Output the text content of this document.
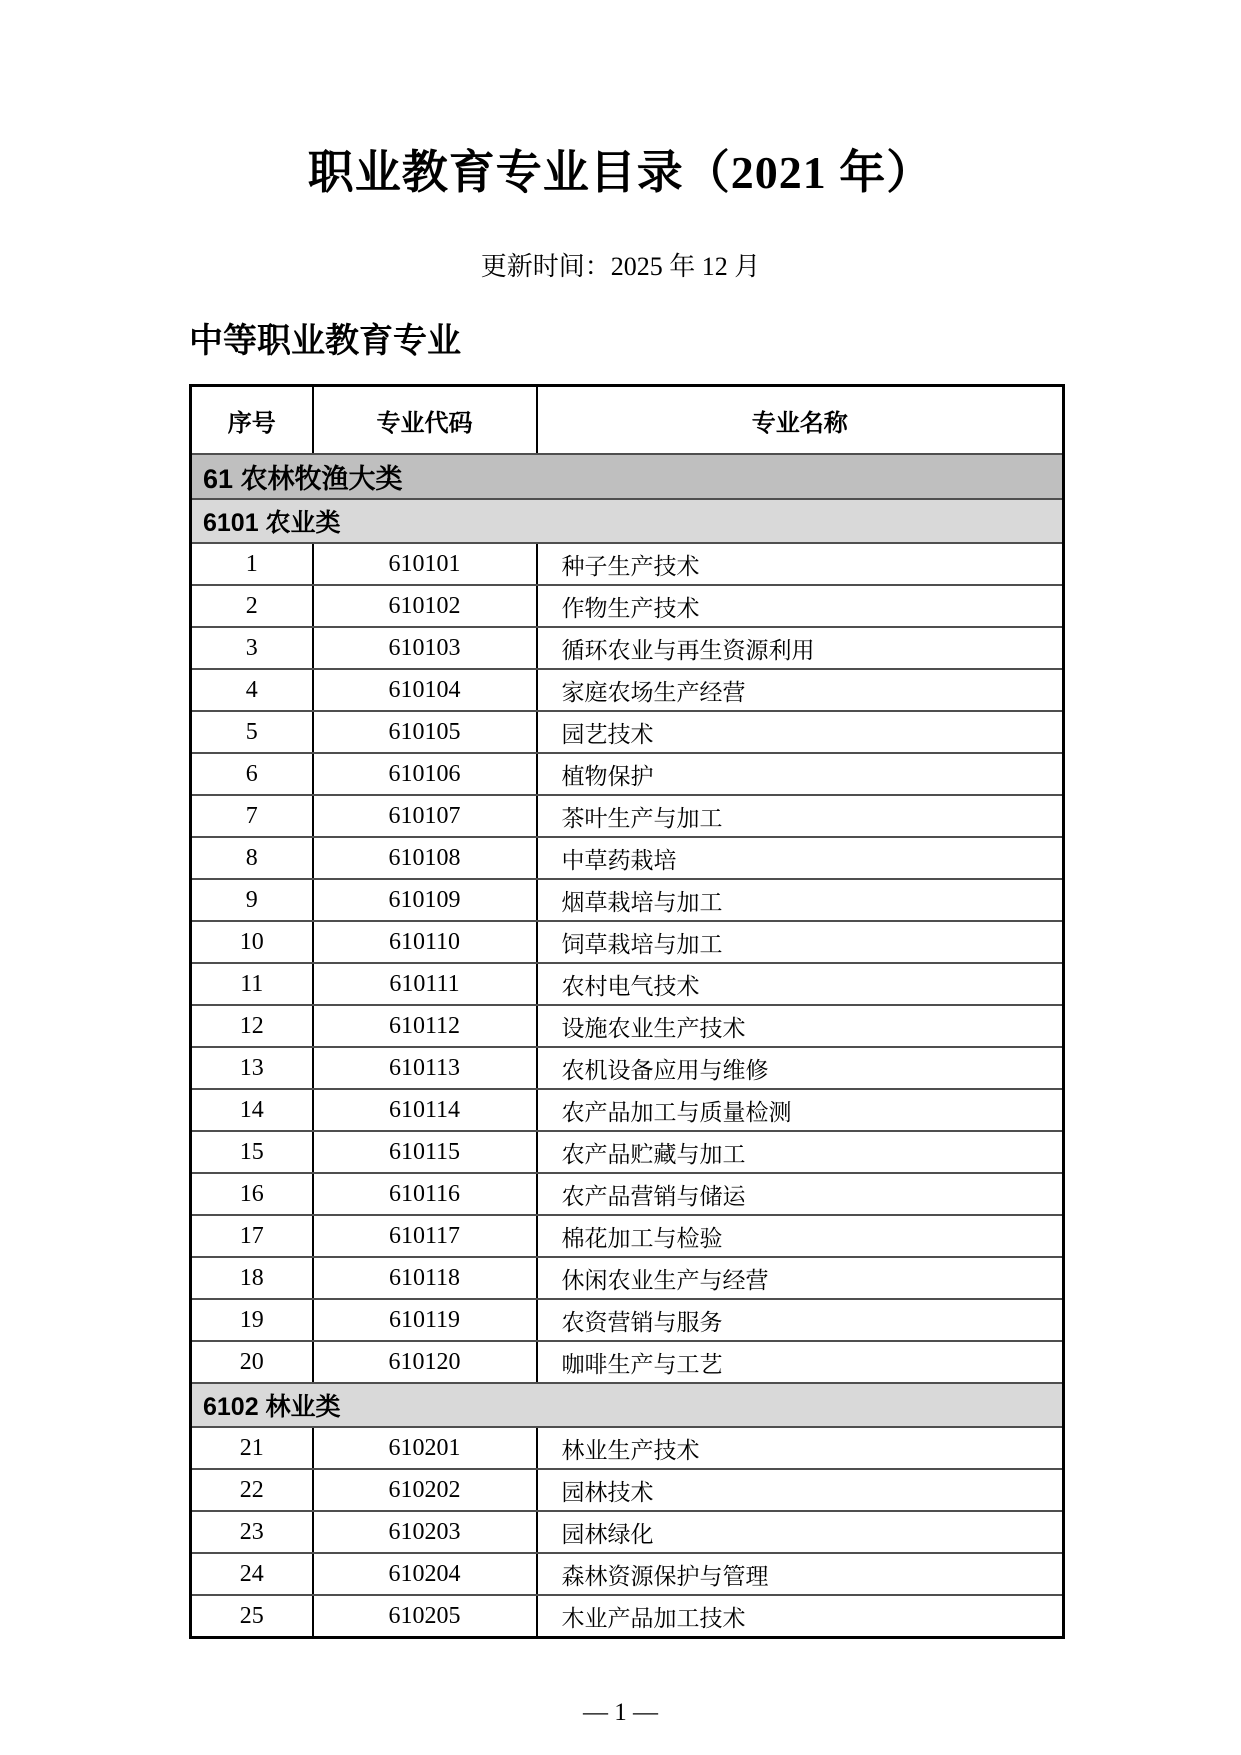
职业教育专业目录（2021 年）

更新时间：2025 年 12 月

中等职业教育专业
序号	专业代码	专业名称
61 农林牧渔大类		
6101 农业类		
1	610101	种子生产技术
2	610102	作物生产技术
3	610103	循环农业与再生资源利用
4	610104	家庭农场生产经营
5	610105	园艺技术
6	610106	植物保护
7	610107	茶叶生产与加工
8	610108	中草药栽培
9	610109	烟草栽培与加工
10	610110	饲草栽培与加工
11	610111	农村电气技术
12	610112	设施农业生产技术
13	610113	农机设备应用与维修
14	610114	农产品加工与质量检测
15	610115	农产品贮藏与加工
16	610116	农产品营销与储运
17	610117	棉花加工与检验
18	610118	休闲农业生产与经营
19	610119	农资营销与服务
20	610120	咖啡生产与工艺
6102 林业类		
21	610201	林业生产技术
22	610202	园林技术
23	610203	园林绿化
24	610204	森林资源保护与管理
25	610205	木业产品加工技术

— 1 —
